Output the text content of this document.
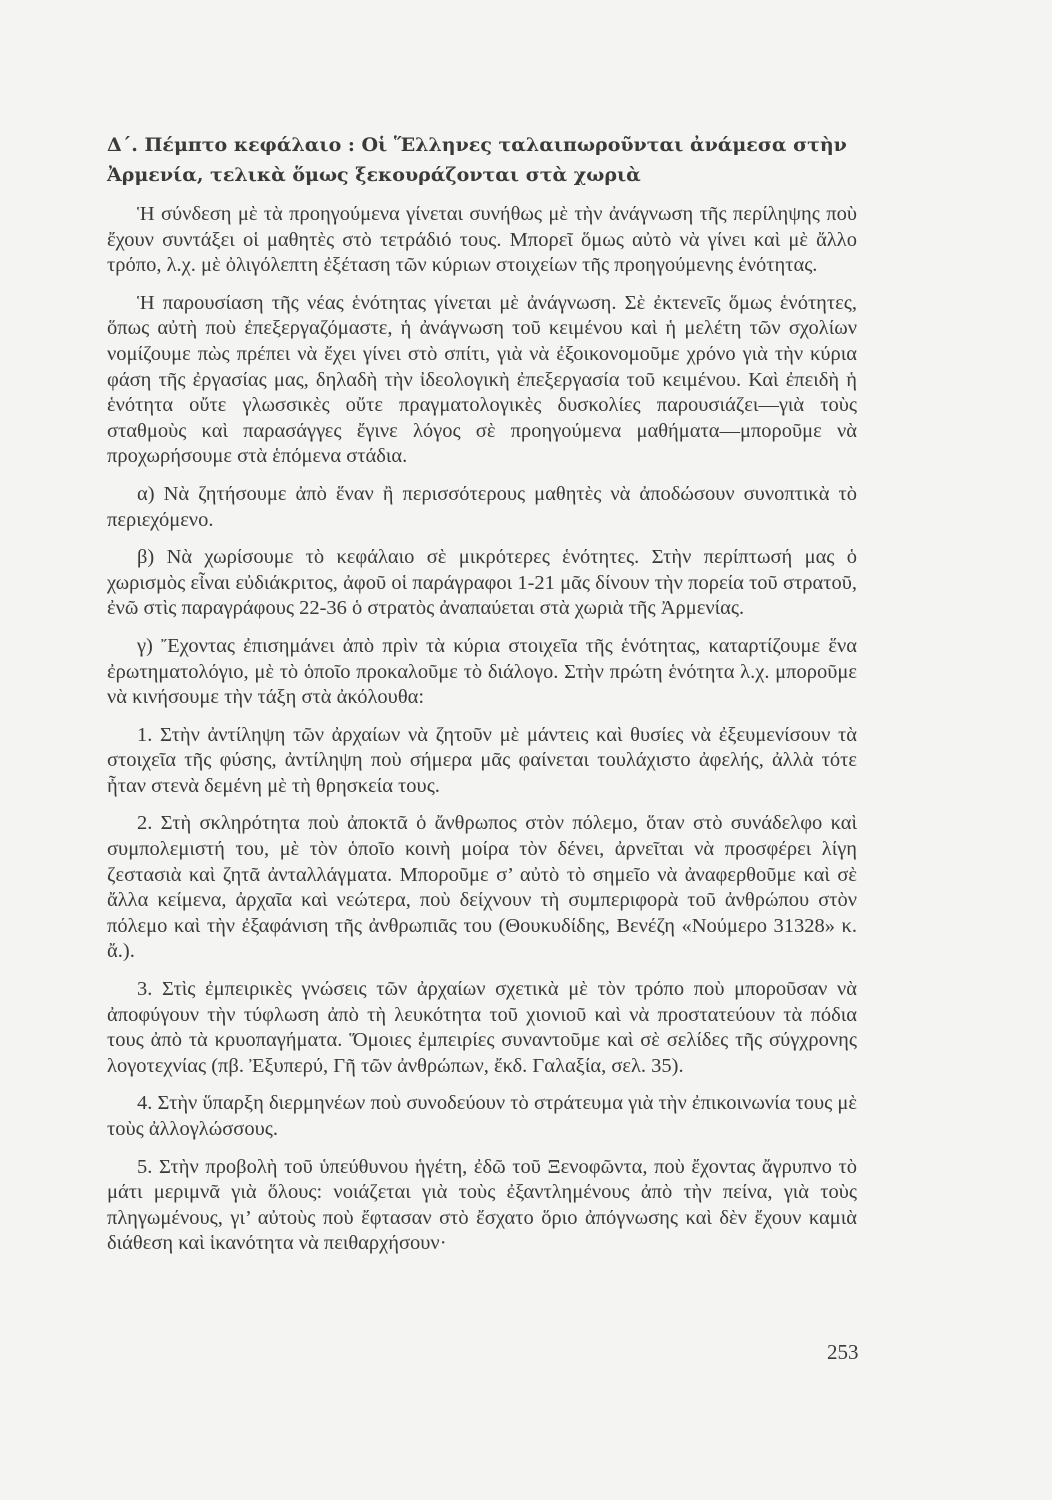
Δ΄. Πέμπτο κεφάλαιο : Οἱ Ἕλληνες ταλαιπωροῦνται ἀνάμεσα στὴν Ἀρμενία, τελικὰ ὅμως ξεκουράζονται στὰ χωριὰ

Ἡ σύνδεση μὲ τὰ προηγούμενα γίνεται συνήθως μὲ τὴν ἀνάγνωση τῆς περίληψης ποὺ ἔχουν συντάξει οἱ μαθητὲς στὸ τετράδιό τους. Μπορεῖ ὅμως αὐτὸ νὰ γίνει καὶ μὲ ἄλλο τρόπο, λ.χ. μὲ ὀλιγόλεπτη ἐξέταση τῶν κύριων στοιχείων τῆς προηγούμενης ἑνότητας.

Ἡ παρουσίαση τῆς νέας ἑνότητας γίνεται μὲ ἀνάγνωση. Σὲ ἐκτενεῖς ὅμως ἑνότητες, ὅπως αὐτὴ ποὺ ἐπεξεργαζόμαστε, ἡ ἀνάγνωση τοῦ κειμένου καὶ ἡ μελέτη τῶν σχολίων νομίζουμε πὼς πρέπει νὰ ἔχει γίνει στὸ σπίτι, γιὰ νὰ ἐξοικονομοῦμε χρόνο γιὰ τὴν κύρια φάση τῆς ἐργασίας μας, δηλαδὴ τὴν ἰδεολογικὴ ἐπεξεργασία τοῦ κειμένου. Καὶ ἐπειδὴ ἡ ἑνότητα οὔτε γλωσσικὲς οὔτε πραγματολογικὲς δυσκολίες παρουσιάζει—γιὰ τοὺς σταθμοὺς καὶ παρασάγγες ἔγινε λόγος σὲ προηγούμενα μαθήματα—μποροῦμε νὰ προχωρήσουμε στὰ ἑπόμενα στάδια.

α) Νὰ ζητήσουμε ἀπὸ ἕναν ἢ περισσότερους μαθητὲς νὰ ἀποδώσουν συνοπτικὰ τὸ περιεχόμενο.

β) Νὰ χωρίσουμε τὸ κεφάλαιο σὲ μικρότερες ἑνότητες. Στὴν περίπτωσή μας ὁ χωρισμὸς εἶναι εὐδιάκριτος, ἀφοῦ οἱ παράγραφοι 1-21 μᾶς δίνουν τὴν πορεία τοῦ στρατοῦ, ἐνῶ στὶς παραγράφους 22-36 ὁ στρατὸς ἀναπαύεται στὰ χωριὰ τῆς Ἀρμενίας.

γ) Ἔχοντας ἐπισημάνει ἀπὸ πρὶν τὰ κύρια στοιχεῖα τῆς ἑνότητας, καταρτίζουμε ἕνα ἐρωτηματολόγιο, μὲ τὸ ὁποῖο προκαλοῦμε τὸ διάλογο. Στὴν πρώτη ἑνότητα λ.χ. μποροῦμε νὰ κινήσουμε τὴν τάξη στὰ ἀκόλουθα:

1. Στὴν ἀντίληψη τῶν ἀρχαίων νὰ ζητοῦν μὲ μάντεις καὶ θυσίες νὰ ἐξευμενίσουν τὰ στοιχεῖα τῆς φύσης, ἀντίληψη ποὺ σήμερα μᾶς φαίνεται τουλάχιστο ἀφελής, ἀλλὰ τότε ἦταν στενὰ δεμένη μὲ τὴ θρησκεία τους.

2. Στὴ σκληρότητα ποὺ ἀποκτᾶ ὁ ἄνθρωπος στὸν πόλεμο, ὅταν στὸ συνάδελφο καὶ συμπολεμιστή του, μὲ τὸν ὁποῖο κοινὴ μοίρα τὸν δένει, ἀρνεῖται νὰ προσφέρει λίγη ζεστασιὰ καὶ ζητᾶ ἀνταλλάγματα. Μποροῦμε σ’ αὐτὸ τὸ σημεῖο νὰ ἀναφερθοῦμε καὶ σὲ ἄλλα κείμενα, ἀρχαῖα καὶ νεώτερα, ποὺ δείχνουν τὴ συμπεριφορὰ τοῦ ἀνθρώπου στὸν πόλεμο καὶ τὴν ἐξαφάνιση τῆς ἀνθρωπιᾶς του (Θουκυδίδης, Βενέζη «Νούμερο 31328» κ. ἄ.).

3. Στὶς ἐμπειρικὲς γνώσεις τῶν ἀρχαίων σχετικὰ μὲ τὸν τρόπο ποὺ μποροῦσαν νὰ ἀποφύγουν τὴν τύφλωση ἀπὸ τὴ λευκότητα τοῦ χιονιοῦ καὶ νὰ προστατεύουν τὰ πόδια τους ἀπὸ τὰ κρυοπαγήματα. Ὅμοιες ἐμπειρίες συναντοῦμε καὶ σὲ σελίδες τῆς σύγχρονης λογοτεχνίας (πβ. Ἐξυπερύ, Γῆ τῶν ἀνθρώπων, ἔκδ. Γαλαξία, σελ. 35).

4. Στὴν ὕπαρξη διερμηνέων ποὺ συνοδεύουν τὸ στράτευμα γιὰ τὴν ἐπικοινωνία τους μὲ τοὺς ἀλλογλώσσους.

5. Στὴν προβολὴ τοῦ ὑπεύθυνου ἡγέτη, ἐδῶ τοῦ Ξενοφῶντα, ποὺ ἔχοντας ἄγρυπνο τὸ μάτι μεριμνᾶ γιὰ ὅλους: νοιάζεται γιὰ τοὺς ἐξαντλημένους ἀπὸ τὴν πείνα, γιὰ τοὺς πληγωμένους, γι’ αὐτοὺς ποὺ ἔφτασαν στὸ ἔσχατο ὅριο ἀπόγνωσης καὶ δὲν ἔχουν καμιὰ διάθεση καὶ ἱκανότητα νὰ πειθαρχήσουν·

253
